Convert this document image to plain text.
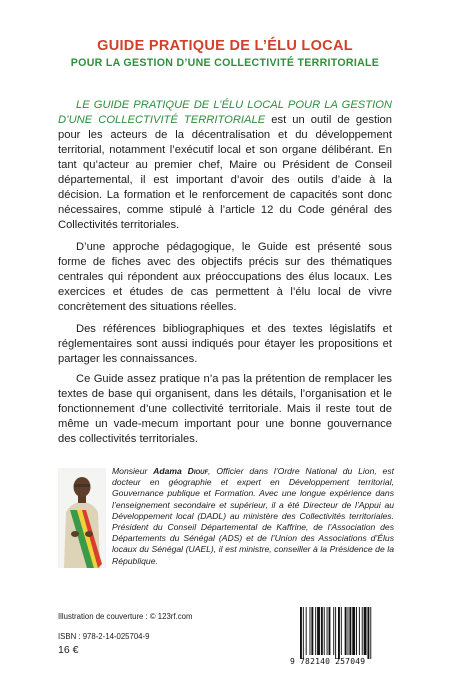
GUIDE PRATIQUE DE L’ÉLU LOCAL
POUR LA GESTION D’UNE COLLECTIVITÉ TERRITORIALE

LE GUIDE PRATIQUE DE L’ÉLU LOCAL POUR LA GESTION D’UNE COLLECTIVITÉ TERRITORIALE est un outil de gestion pour les acteurs de la décentralisation et du développement territorial, notamment l’exécutif local et son organe délibérant. En tant qu’acteur au premier chef, Maire ou Président de Conseil départemental, il est important d’avoir des outils d’aide à la décision. La formation et le renforcement de capacités sont donc nécessaires, comme stipulé à l’article 12 du Code général des Collectivités territoriales.

D’une approche pédagogique, le Guide est présenté sous forme de fiches avec des objectifs précis sur des thématiques centrales qui répondent aux préoccupations des élus locaux. Les exercices et études de cas permettent à l’élu local de vivre concrètement des situations réelles.

Des références bibliographiques et des textes législatifs et réglementaires sont aussi indiqués pour étayer les propositions et partager les connaissances.

Ce Guide assez pratique n’a pas la prétention de remplacer les textes de base qui organisent, dans les détails, l’organisation et le fonctionnement d’une collectivité territoriale. Mais il reste tout de même un vade-mecum important pour une bonne gouvernance des collectivités territoriales.

Monsieur Adama Diouf, Officier dans l’Ordre National du Lion, est docteur en géographie et expert en Développement territorial, Gouvernance publique et Formation. Avec une longue expérience dans l’enseignement secondaire et supérieur, il a été Directeur de l’Appui au Développement local (DADL) au ministère des Collectivités territoriales. Président du Conseil Départemental de Kaffrine, de l’Association des Départements du Sénégal (ADS) et de l’Union des Associations d’Élus locaux du Sénégal (UAEL), il est ministre, conseiller à la Présidence de la République.
Illustration de couverture : © 123rf.com
ISBN : 978-2-14-025704-9
16 €
9 782140 257049
